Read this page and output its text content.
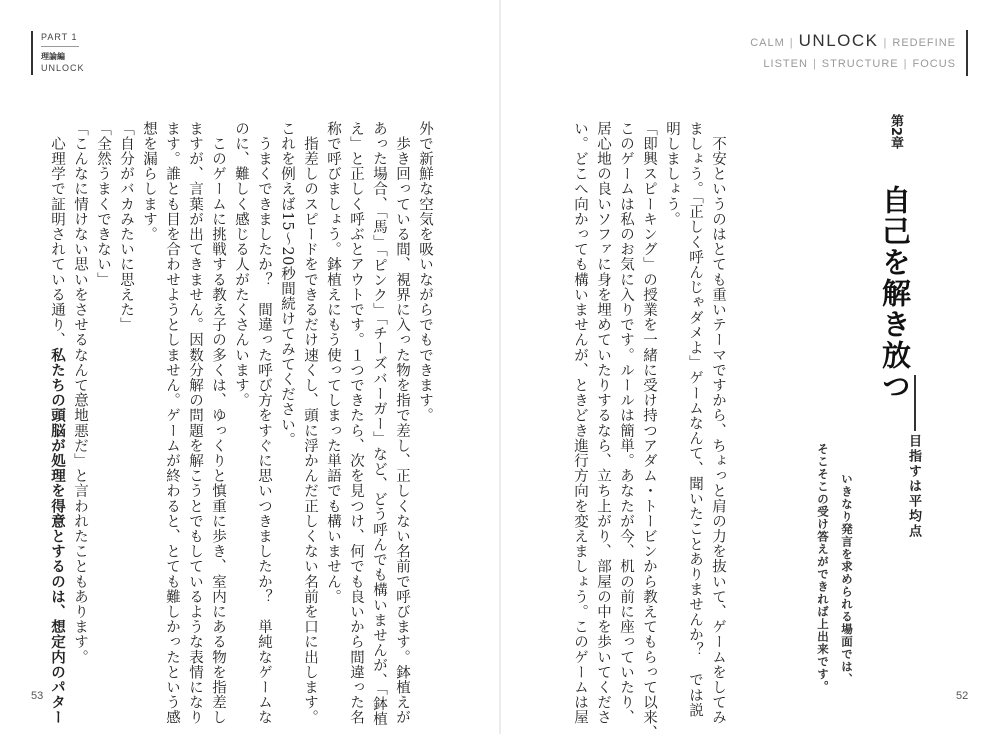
PART 1
理論編
UNLOCK
CALM | UNLOCK | REDEFINE
LISTEN | STRUCTURE | FOCUS
第2章
自己を解き放つ
目指すは平均点
いきなり発言を求められる場面では、
そこそこの受け答えができれば上出来です。
　不安というのはとても重いテーマですから、ちょっと肩の力を抜いて、ゲームをしてみ
ましょう。「正しく呼んじゃダメよ」ゲームなんて、聞いたことありませんか？　では説
明しましょう。
「即興スピーキング」の授業を一緒に受け持つアダム・トービンから教えてもらって以来、
このゲームは私のお気に入りです。ルールは簡単。あなたが今、机の前に座っていたり、
居心地の良いソファに身を埋めていたりするなら、立ち上がり、部屋の中を歩いてくださ
い。どこへ向かっても構いませんが、ときどき進行方向を変えましょう。このゲームは屋
外で新鮮な空気を吸いながらでもできます。
　歩き回っている間、視界に入った物を指で差し、正しくない名前で呼びます。鉢植えが
あった場合、「馬」「ピンク」「チーズバーガー」など、どう呼んでも構いませんが、「鉢植
え」と正しく呼ぶとアウトです。１つできたら、次を見つけ、何でも良いから間違った名
称で呼びましょう。鉢植えにもう使ってしまった単語でも構いません。
　指差しのスピードをできるだけ速くし、頭に浮かんだ正しくない名前を口に出します。
これを例えば15～20秒間続けてみてください。
　うまくできましたか？　間違った呼び方をすぐに思いつきましたか？　単純なゲームな
のに、難しく感じる人がたくさんいます。
　このゲームに挑戦する教え子の多くは、ゆっくりと慎重に歩き、室内にある物を指差し
ますが、言葉が出てきません。因数分解の問題を解こうとでもしているような表情になり
ます。誰とも目を合わせようとしません。ゲームが終わると、とても難しかったという感
想を漏らします。
「自分がバカみたいに思えた」
「全然うまくできない」
「こんなに情けない思いをさせるなんて意地悪だ」と言われたこともあります。
　心理学で証明されている通り、私たちの頭脳が処理を得意とするのは、想定内のパター
53	52
